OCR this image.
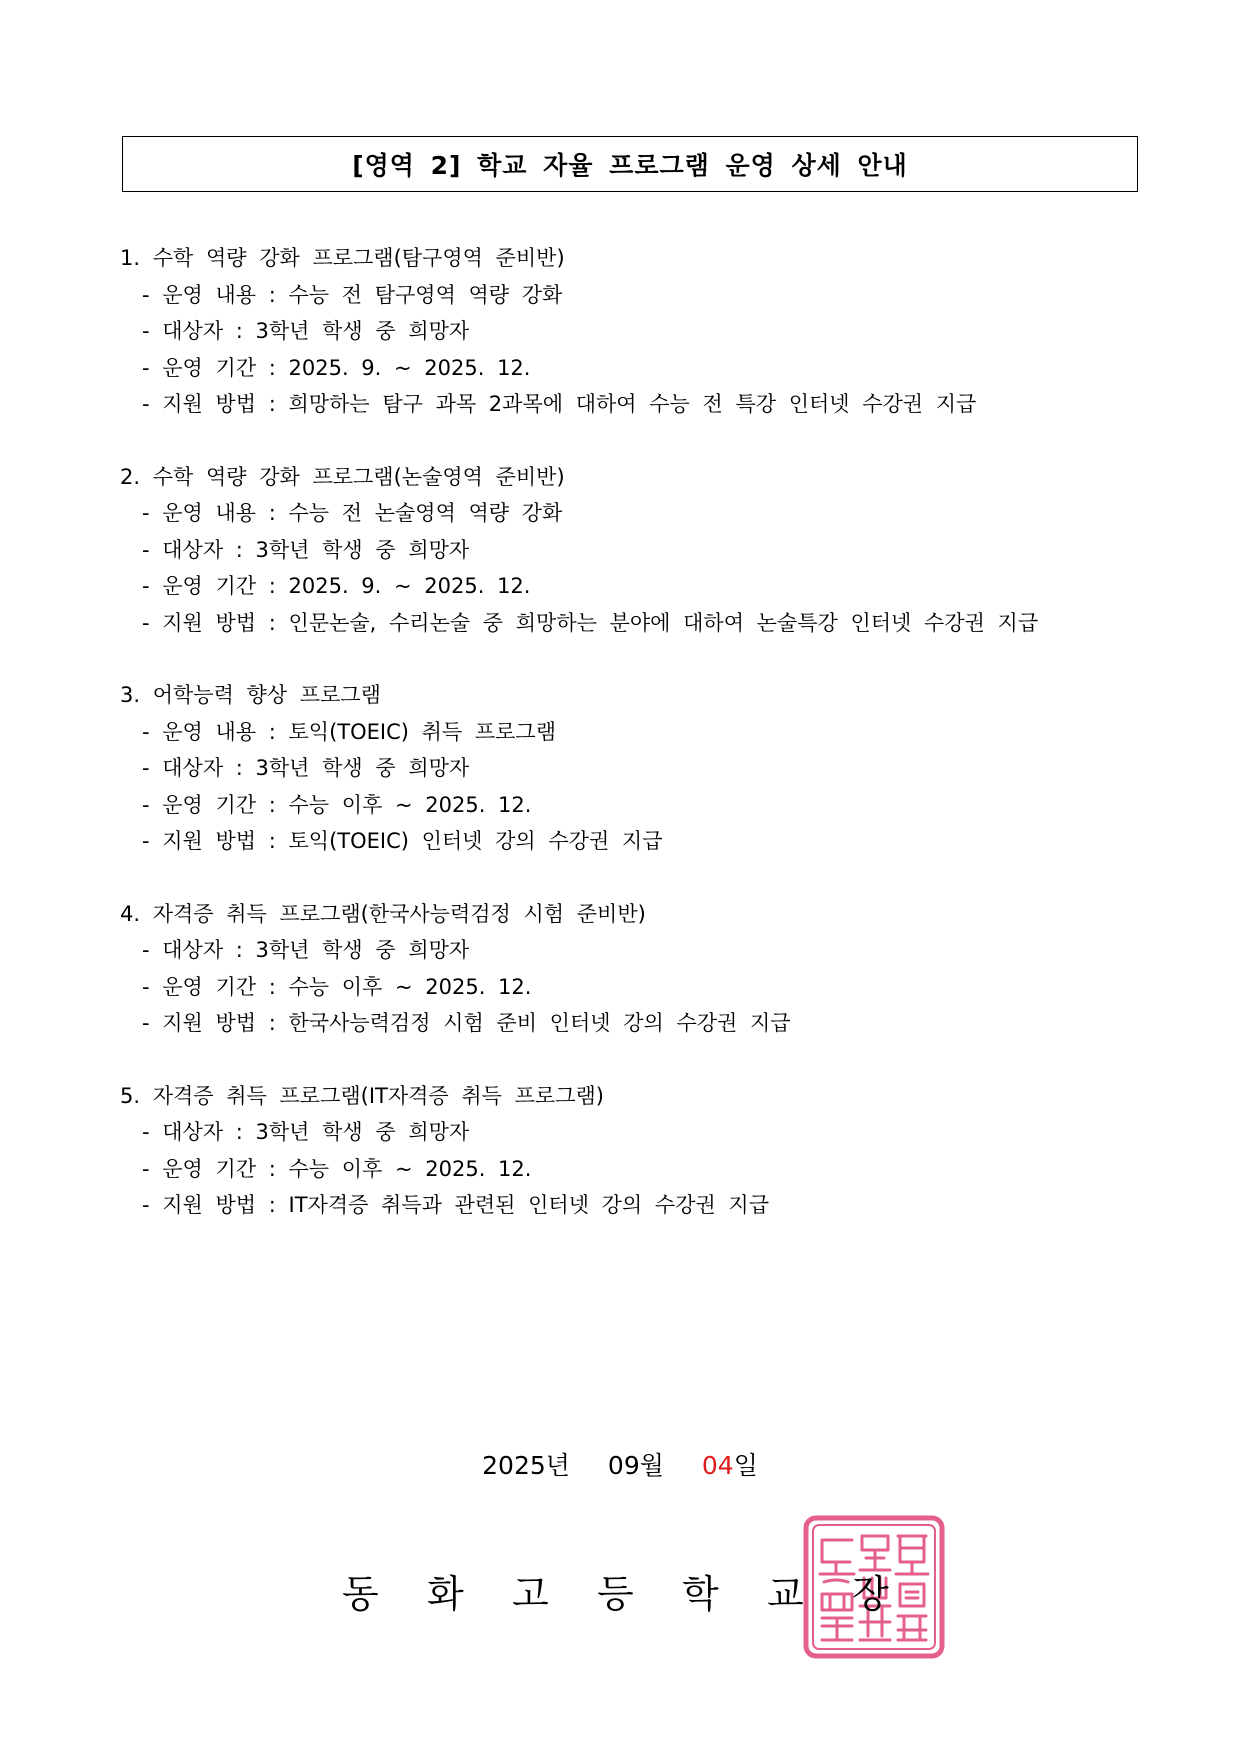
[영역 2] 학교 자율 프로그램 운영 상세 안내
1. 수학 역량 강화 프로그램(탐구영역 준비반)
- 운영 내용 : 수능 전 탐구영역 역량 강화
- 대상자 : 3학년 학생 중 희망자
- 운영 기간 : 2025. 9. ~ 2025. 12.
- 지원 방법 : 희망하는 탐구 과목 2과목에 대하여 수능 전 특강 인터넷 수강권 지급
2. 수학 역량 강화 프로그램(논술영역 준비반)
- 운영 내용 : 수능 전 논술영역 역량 강화
- 대상자 : 3학년 학생 중 희망자
- 운영 기간 : 2025. 9. ~ 2025. 12.
- 지원 방법 : 인문논술, 수리논술 중 희망하는 분야에 대하여 논술특강 인터넷 수강권 지급
3. 어학능력 향상 프로그램
- 운영 내용 : 토익(TOEIC) 취득 프로그램
- 대상자 : 3학년 학생 중 희망자
- 운영 기간 : 수능 이후 ~ 2025. 12.
- 지원 방법 : 토익(TOEIC) 인터넷 강의 수강권 지급
4. 자격증 취득 프로그램(한국사능력검정 시험 준비반)
- 대상자 : 3학년 학생 중 희망자
- 운영 기간 : 수능 이후 ~ 2025. 12.
- 지원 방법 : 한국사능력검정 시험 준비 인터넷 강의 수강권 지급
5. 자격증 취득 프로그램(IT자격증 취득 프로그램)
- 대상자 : 3학년 학생 중 희망자
- 운영 기간 : 수능 이후 ~ 2025. 12.
- 지원 방법 : IT자격증 취득과 관련된 인터넷 강의 수강권 지급
2025년 09월 04일
동 화 고 등 학 교 장
